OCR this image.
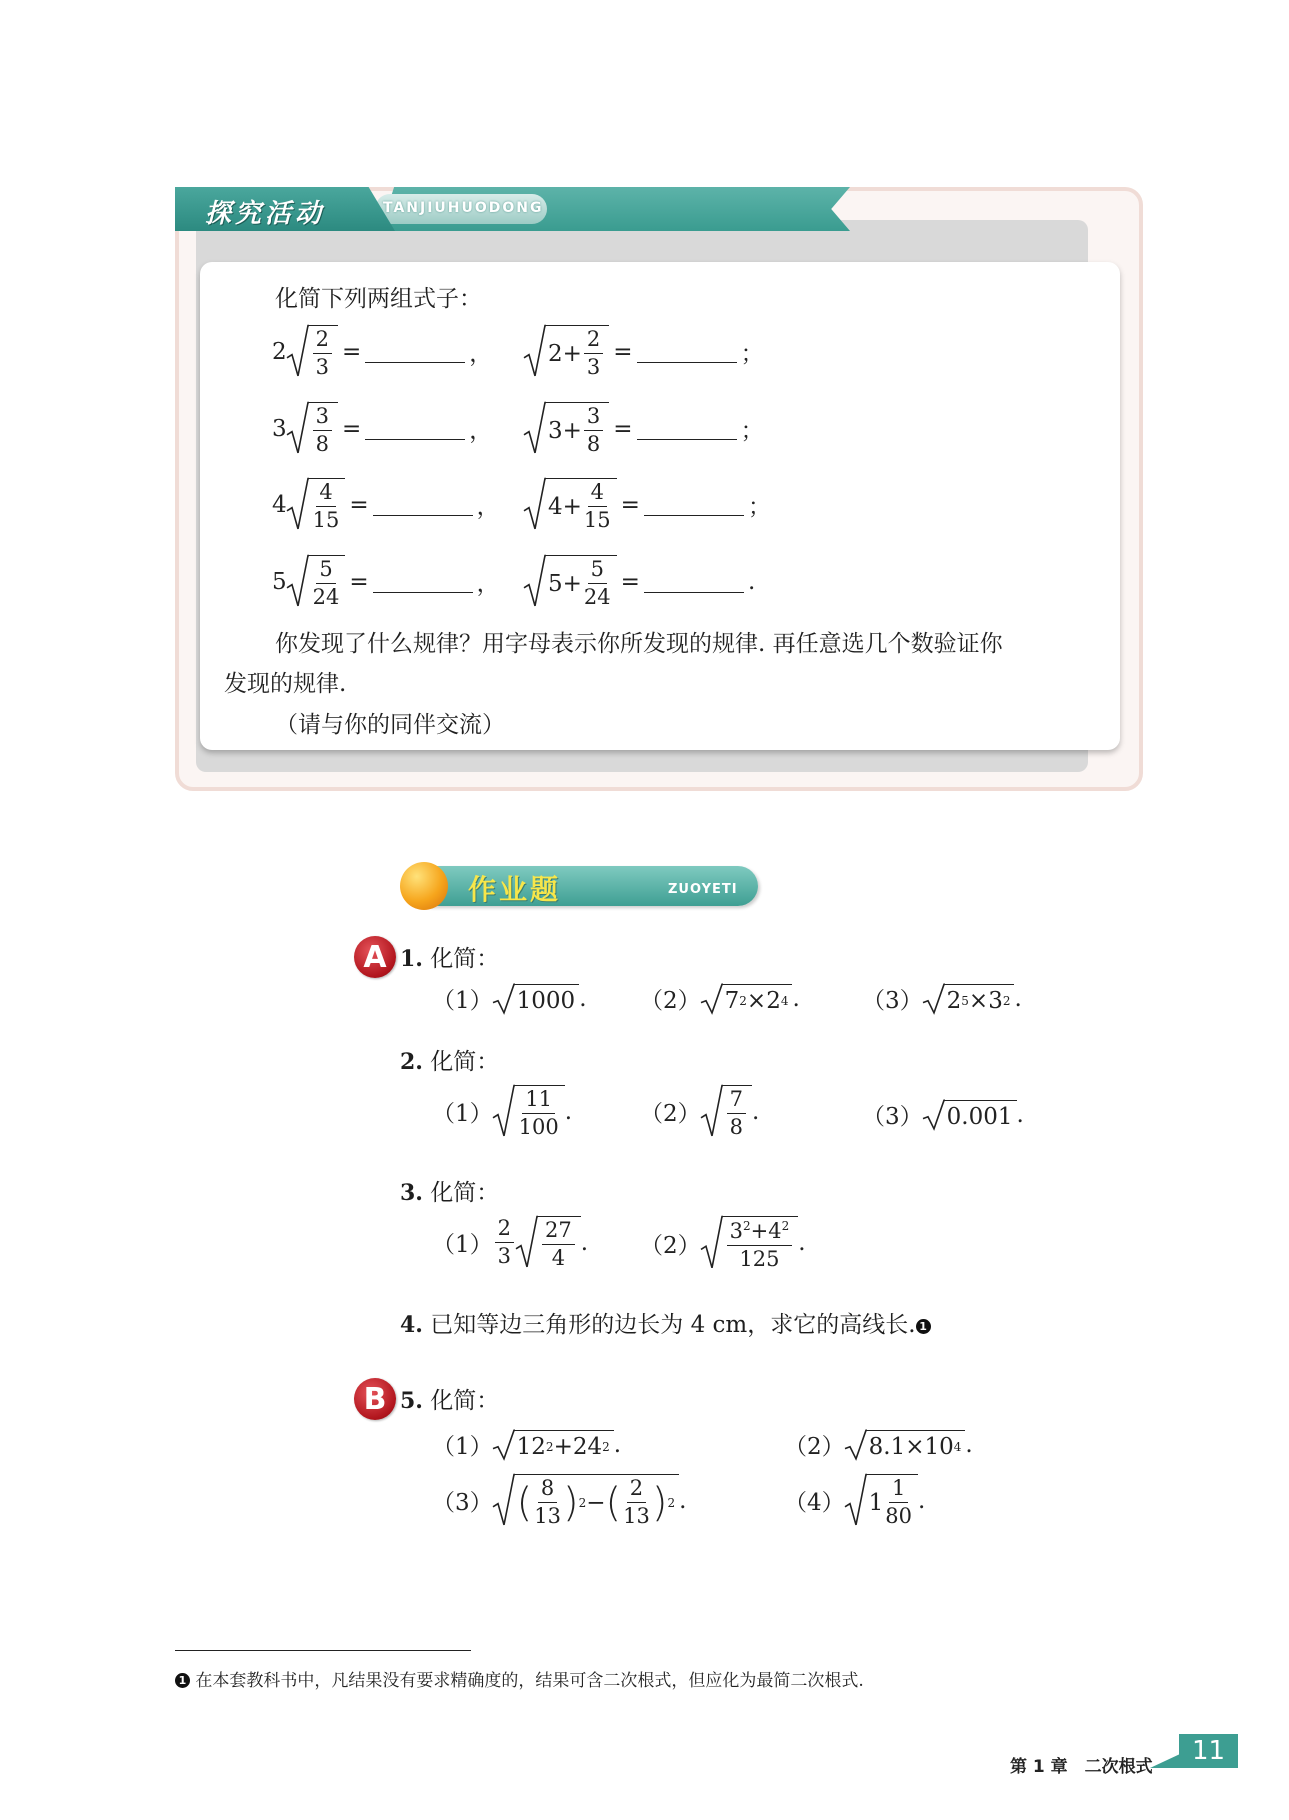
TANJIUHUODONG
探究活动
化简下列两组式子：
$2 \frac{2}{3}$ =	， $2 + \frac{2}{3}$ =	；
$3 \frac{3}{8}$ =	， $3 + \frac{3}{8}$ =	；
$4 \frac{4}{15}$ =	， $4 + \frac{4}{15}$ =	；
$5 \frac{5}{24}$ =	， $5 + \frac{5}{24}$ =	.
你发现了什么规律？用字母表示你所发现的规律. 再任意选几个数验证你
发现的规律.
（请与你的同伴交流）
作业题	ZUOYETI
A 1. 化简：
（1） 1000 . （2） 7 2 × 2 4 .	（3） 2 5 × 3 2 .
2. 化简：
$(1) \frac{11}{100}$ .	$(2) \frac{7}{8}$ .	（3） 0.001 .
3. 化简：
$(1) \frac{2}{3} \frac{27}{4}$ . $(2) \frac{3^2+4^2}{125}$ .
4. 已知等边三角形的边长为 4 cm，求它的高线长. 1
B 5. 化简：
（1） 12 2 + 24 2 .	（2） 8.1×10 4 .
（3） ( $\frac{8}{13}$ ) 2 − ( $\frac{2}{13}$ ) 2 .	（4） $1 \frac{1}{80}$ .
1 在本套教科书中，凡结果没有要求精确度的，结果可含二次根式，但应化为最简二次根式.
第 1 章　二次根式
11
